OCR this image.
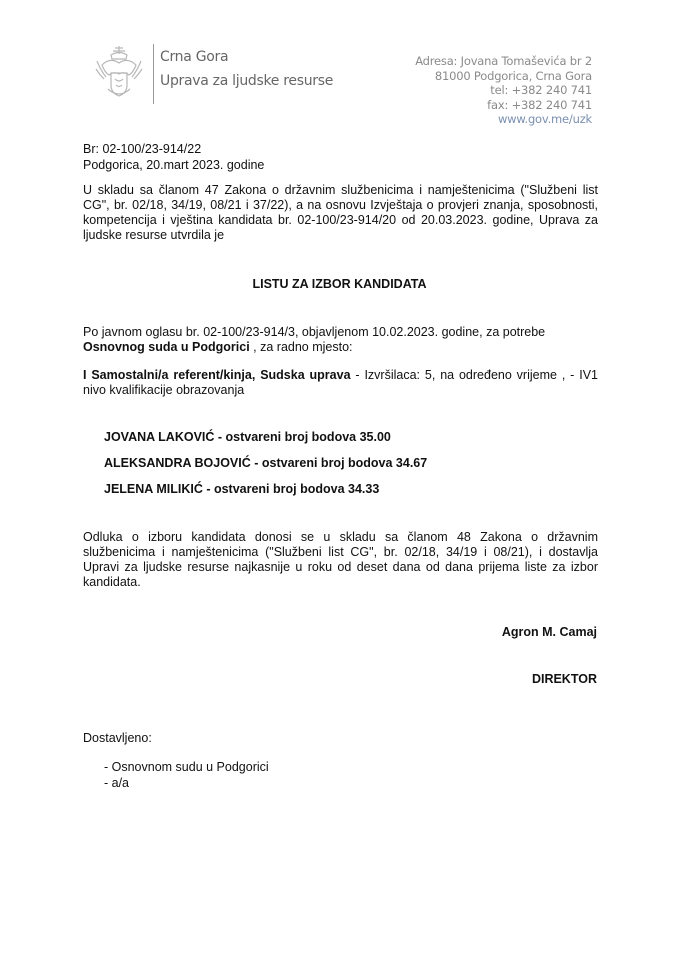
Crna Gora
Uprava za ljudske resurse
Adresa: Jovana Tomaševića br 2
81000 Podgorica, Crna Gora
tel: +382 240 741
fax: +382 240 741
www.gov.me/uzk
Br: 02-100/23-914/22
Podgorica, 20.mart 2023. godine
U skladu sa članom 47 Zakona o državnim službenicima i namještenicima ("Službeni list CG", br. 02/18, 34/19, 08/21 i 37/22), a na osnovu Izvještaja o provjeri znanja, sposobnosti, kompetencija i vještina kandidata br. 02-100/23-914/20 od 20.03.2023. godine, Uprava za ljudske resurse utvrdila je
LISTU ZA IZBOR KANDIDATA
Po javnom oglasu br. 02-100/23-914/3, objavljenom 10.02.2023. godine, za potrebe
Osnovnog suda u Podgorici , za radno mjesto:
I Samostalni/a referent/kinja, Sudska uprava - Izvršilaca: 5, na određeno vrijeme , - IV1 nivo kvalifikacije obrazovanja
JOVANA LAKOVIĆ - ostvareni broj bodova 35.00
ALEKSANDRA BOJOVIĆ - ostvareni broj bodova 34.67
JELENA MILIKIĆ - ostvareni broj bodova 34.33
Odluka o izboru kandidata donosi se u skladu sa članom 48 Zakona o državnim službenicima i namještenicima ("Službeni list CG", br. 02/18, 34/19 i 08/21), i dostavlja Upravi za ljudske resurse najkasnije u roku od deset dana od dana prijema liste za izbor kandidata.
Agron M. Camaj
DIREKTOR
Dostavljeno:
- Osnovnom sudu u Podgorici
- a/a
